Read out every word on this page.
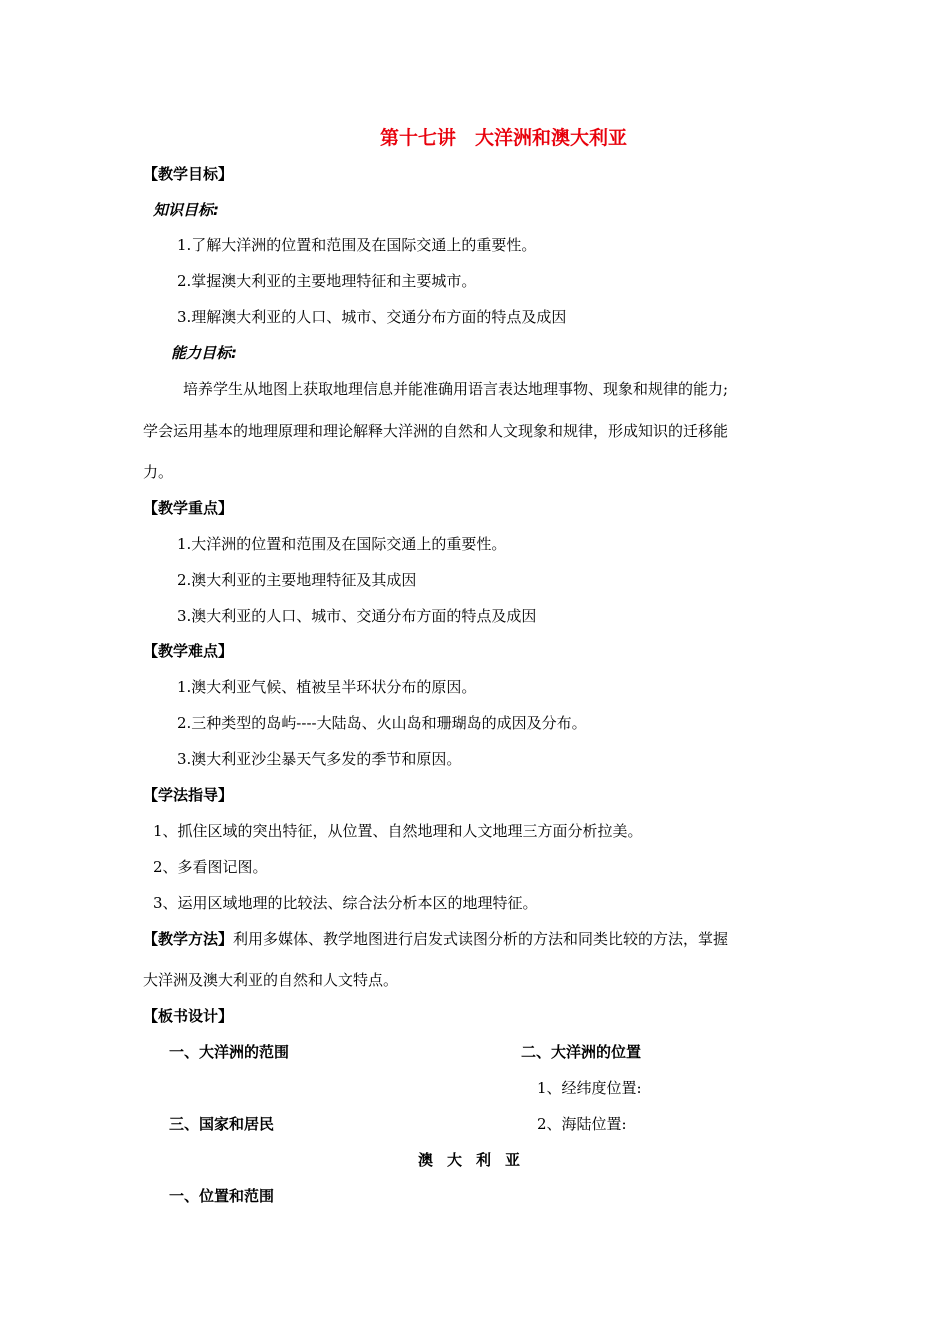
第十七讲　大洋洲和澳大利亚
【教学目标】
知识目标:
1.了解大洋洲的位置和范围及在国际交通上的重要性。
2.掌握澳大利亚的主要地理特征和主要城市。
3.理解澳大利亚的人口、城市、交通分布方面的特点及成因
能力目标:
培养学生从地图上获取地理信息并能准确用语言表达地理事物、现象和规律的能力;
学会运用基本的地理原理和理论解释大洋洲的自然和人文现象和规律，形成知识的迁移能
力。
【教学重点】
1.大洋洲的位置和范围及在国际交通上的重要性。
2.澳大利亚的主要地理特征及其成因
3.澳大利亚的人口、城市、交通分布方面的特点及成因
【教学难点】
1.澳大利亚气候、植被呈半环状分布的原因。
2.三种类型的岛屿----大陆岛、火山岛和珊瑚岛的成因及分布。
3.澳大利亚沙尘暴天气多发的季节和原因。
【学法指导】
1、抓住区域的突出特征，从位置、自然地理和人文地理三方面分析拉美。
2、多看图记图。
3、运用区域地理的比较法、综合法分析本区的地理特征。
【教学方法】利用多媒体、教学地图进行启发式读图分析的方法和同类比较的方法，掌握
大洋洲及澳大利亚的自然和人文特点。
【板书设计】
一、大洋洲的范围	二、大洋洲的位置
1、经纬度位置:
三、国家和居民	2、海陆位置:
澳大利亚
一、位置和范围
